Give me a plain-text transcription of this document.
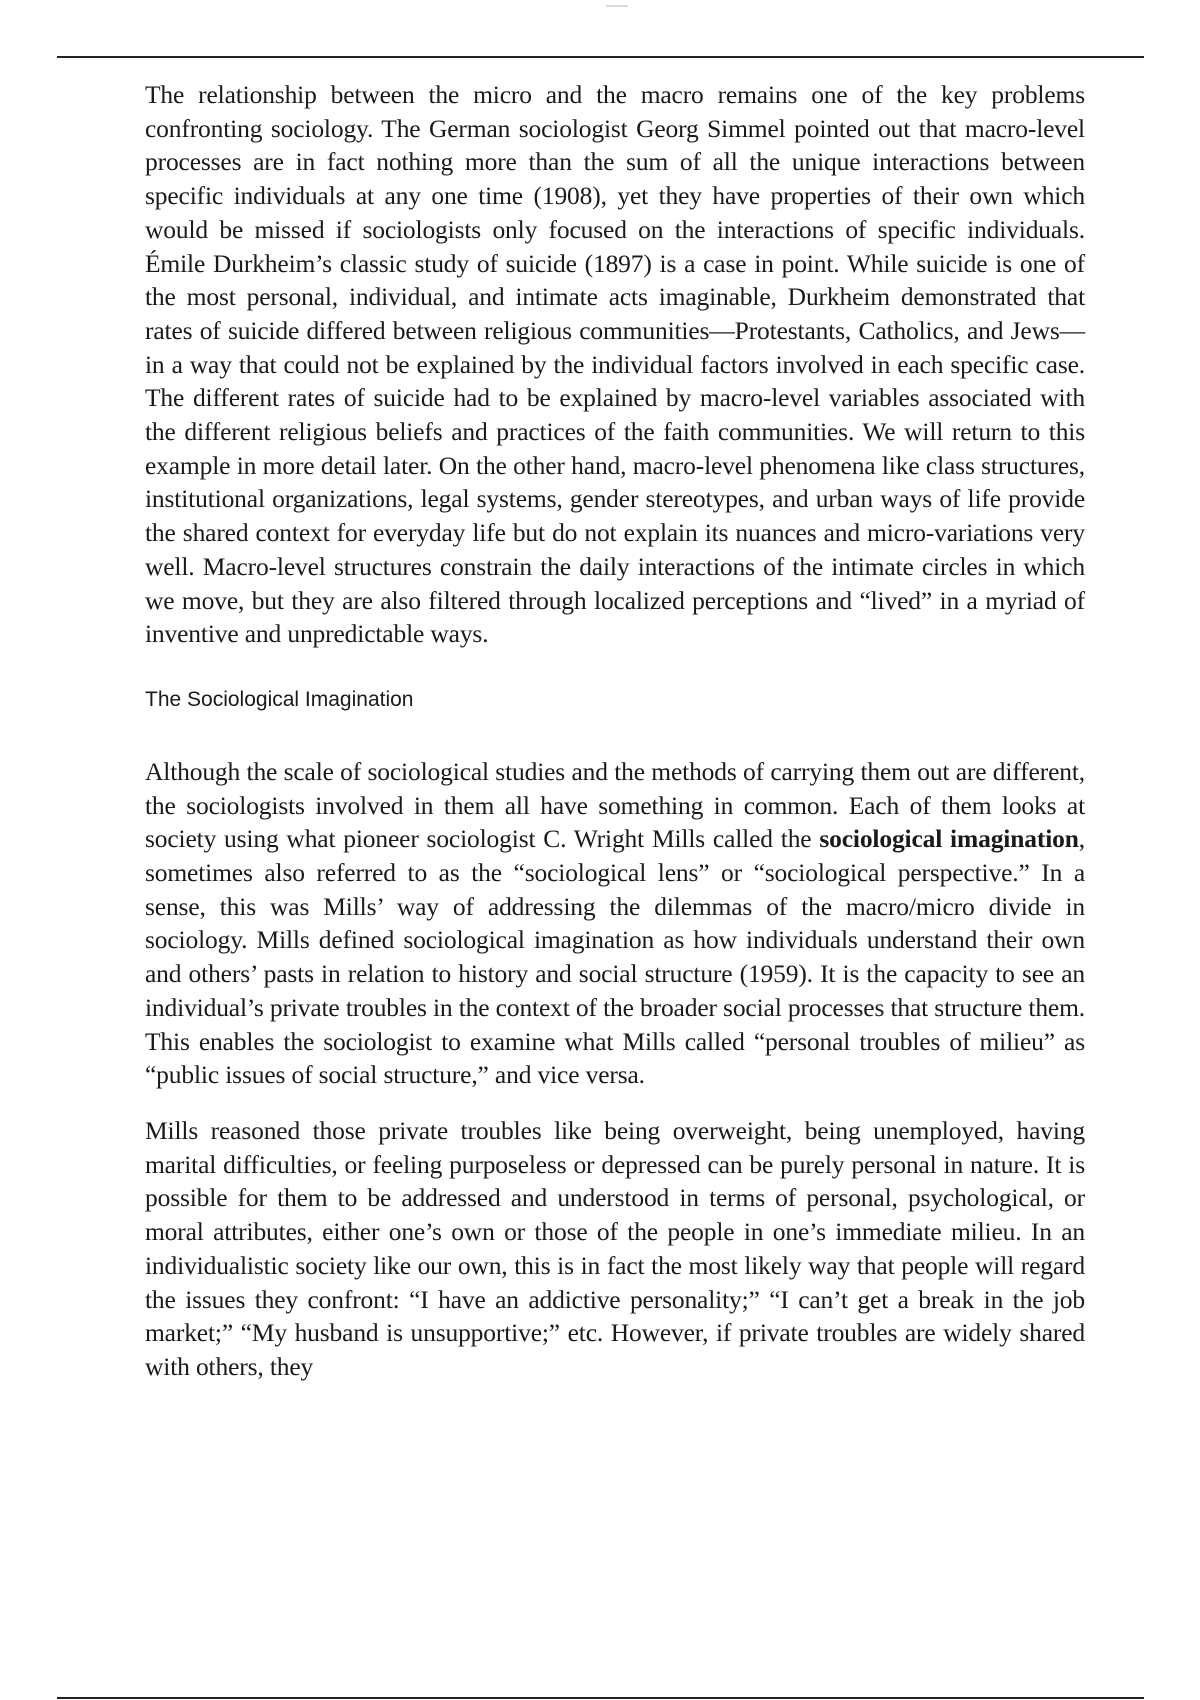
The relationship between the micro and the macro remains one of the key problems confronting sociology. The German sociologist Georg Simmel pointed out that macro-level processes are in fact nothing more than the sum of all the unique interactions between specific individuals at any one time (1908), yet they have properties of their own which would be missed if sociologists only focused on the interactions of specific individuals. Émile Durkheim’s classic study of suicide (1897) is a case in point. While suicide is one of the most personal, individual, and intimate acts imaginable, Durkheim demonstrated that rates of suicide differed between religious communities—Protestants, Catholics, and Jews—in a way that could not be explained by the individual factors involved in each specific case. The different rates of suicide had to be explained by macro-level variables associated with the different religious beliefs and practices of the faith communities. We will return to this example in more detail later. On the other hand, macro-level phenomena like class structures, institutional organizations, legal systems, gender stereotypes, and urban ways of life provide the shared context for everyday life but do not explain its nuances and micro-variations very well. Macro-level structures constrain the daily interactions of the intimate circles in which we move, but they are also filtered through localized perceptions and “lived” in a myriad of inventive and unpredictable ways.

The Sociological Imagination

Although the scale of sociological studies and the methods of carrying them out are different, the sociologists involved in them all have something in common. Each of them looks at society using what pioneer sociologist C. Wright Mills called the sociological imagination, sometimes also referred to as the “sociological lens” or “sociological perspective.” In a sense, this was Mills’ way of addressing the dilemmas of the macro/micro divide in sociology. Mills defined sociological imagination as how individuals understand their own and others’ pasts in relation to history and social structure (1959). It is the capacity to see an individual’s private troubles in the context of the broader social processes that structure them. This enables the sociologist to examine what Mills called “personal troubles of milieu” as “public issues of social structure,” and vice versa.

Mills reasoned those private troubles like being overweight, being unemployed, having marital difficulties, or feeling purposeless or depressed can be purely personal in nature. It is possible for them to be addressed and understood in terms of personal, psychological, or moral attributes, either one’s own or those of the people in one’s immediate milieu. In an individualistic society like our own, this is in fact the most likely way that people will regard the issues they confront: “I have an addictive personality;” “I can’t get a break in the job market;” “My husband is unsupportive;” etc. However, if private troubles are widely shared with others, they
